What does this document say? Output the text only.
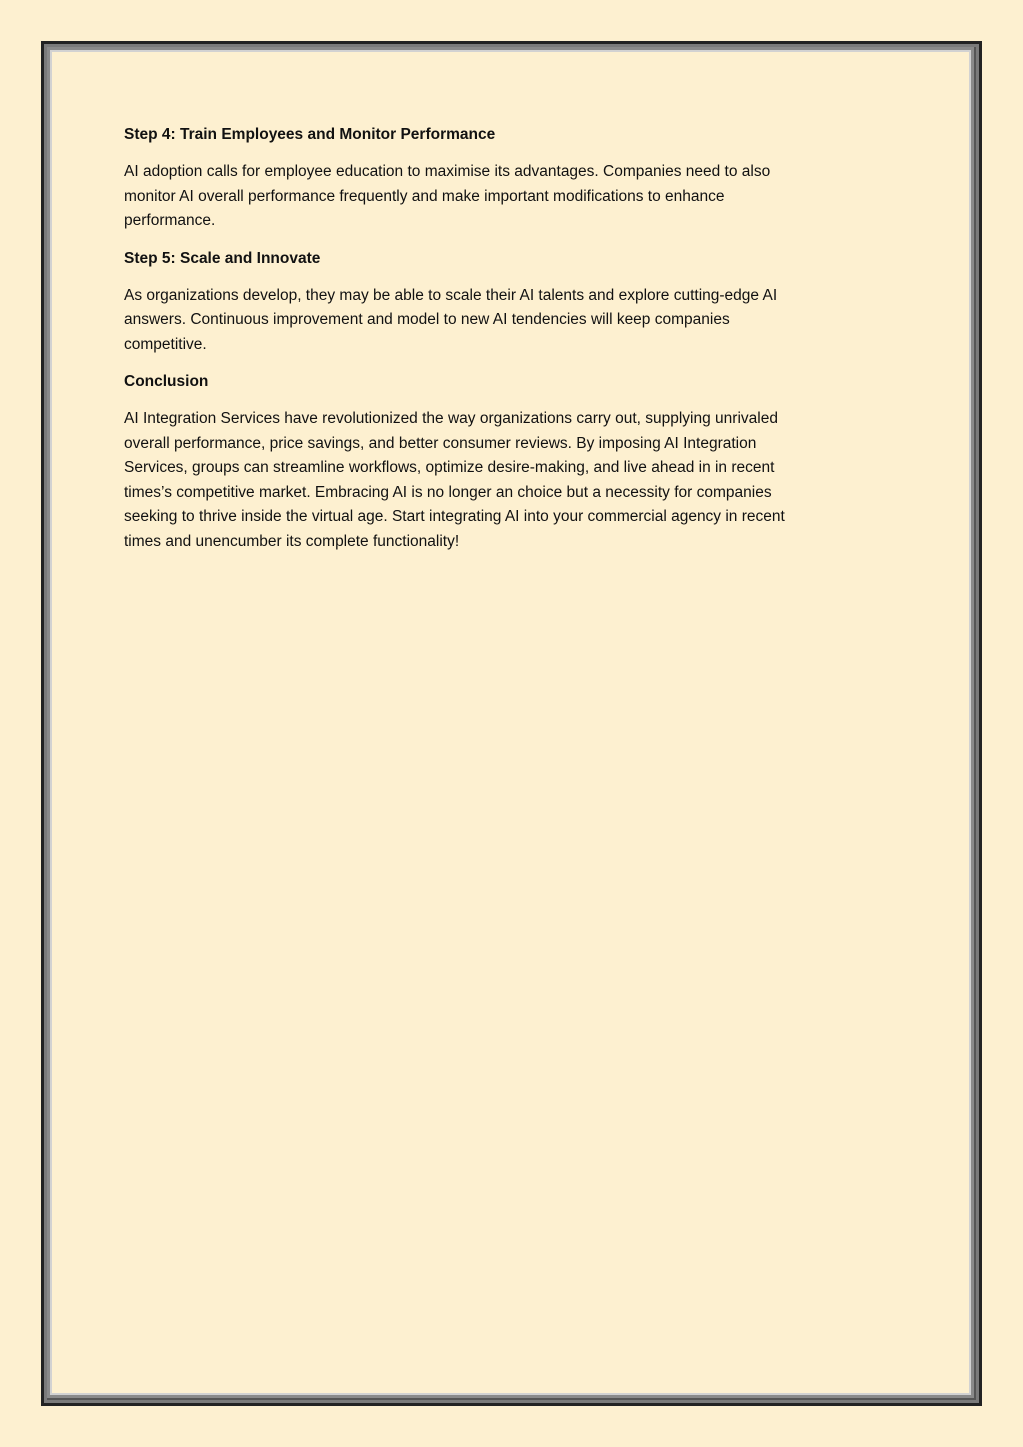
Step 4: Train Employees and Monitor Performance
AI adoption calls for employee education to maximise its advantages. Companies need to also
monitor AI overall performance frequently and make important modifications to enhance
performance.
Step 5: Scale and Innovate
As organizations develop, they may be able to scale their AI talents and explore cutting-edge AI
answers. Continuous improvement and model to new AI tendencies will keep companies
competitive.
Conclusion
AI Integration Services have revolutionized the way organizations carry out, supplying unrivaled
overall performance, price savings, and better consumer reviews. By imposing AI Integration
Services, groups can streamline workflows, optimize desire-making, and live ahead in in recent
times’s competitive market. Embracing AI is no longer an choice but a necessity for companies
seeking to thrive inside the virtual age. Start integrating AI into your commercial agency in recent
times and unencumber its complete functionality!
